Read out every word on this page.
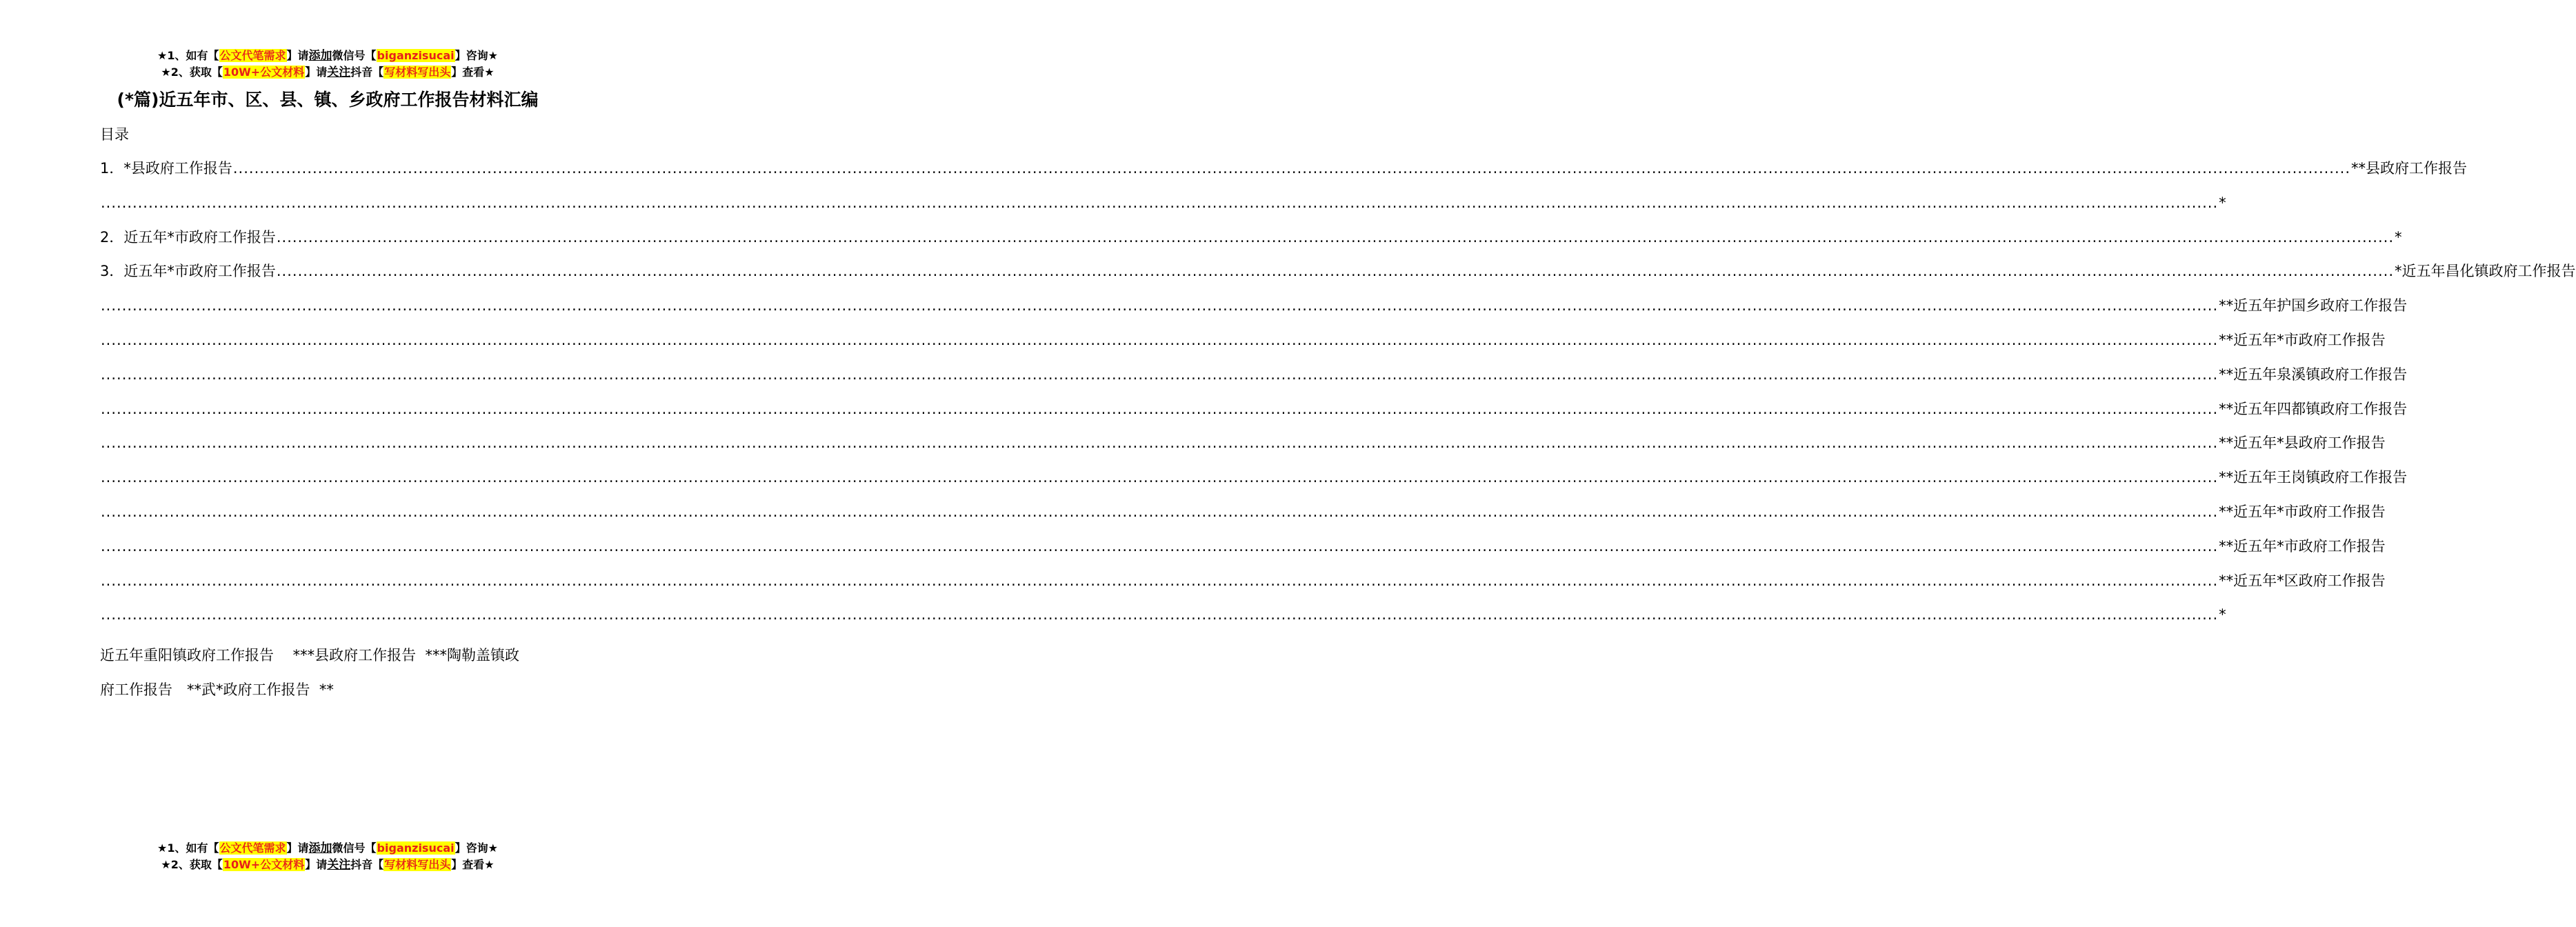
★1、如有【公文代笔需求】请添加微信号【biganzisucai】咨询★
★2、获取【10W+公文材料】请关注抖音【写材料写出头】查看★
(*篇)近五年市、区、县、镇、乡政府工作报告材料汇编
目录
1．*县政府工作报告 ................................................................................................................................................................................................................................................................................................................................................................................................................ **县政府工作报告
................................................................................................................................................................................................................................................................................................................................................................................................................ *
2．近五年*市政府工作报告 ................................................................................................................................................................................................................................................................................................................................................................................................................ *
3．近五年*市政府工作报告 ................................................................................................................................................................................................................................................................................................................................................................................................................ *近五年昌化镇政府工作报告
................................................................................................................................................................................................................................................................................................................................................................................................................ **近五年护国乡政府工作报告
................................................................................................................................................................................................................................................................................................................................................................................................................ **近五年*市政府工作报告
................................................................................................................................................................................................................................................................................................................................................................................................................ **近五年泉溪镇政府工作报告
................................................................................................................................................................................................................................................................................................................................................................................................................ **近五年四都镇政府工作报告
................................................................................................................................................................................................................................................................................................................................................................................................................ **近五年*县政府工作报告
................................................................................................................................................................................................................................................................................................................................................................................................................ **近五年王岗镇政府工作报告
................................................................................................................................................................................................................................................................................................................................................................................................................ **近五年*市政府工作报告
................................................................................................................................................................................................................................................................................................................................................................................................................ **近五年*市政府工作报告
................................................................................................................................................................................................................................................................................................................................................................................................................ **近五年*区政府工作报告
................................................................................................................................................................................................................................................................................................................................................................................................................ *
近五年重阳镇政府工作报告　 ***县政府工作报告  ***陶勒盖镇政
府工作报告　**武*政府工作报告  **
★1、如有【公文代笔需求】请添加微信号【biganzisucai】咨询★
★2、获取【10W+公文材料】请关注抖音【写材料写出头】查看★
